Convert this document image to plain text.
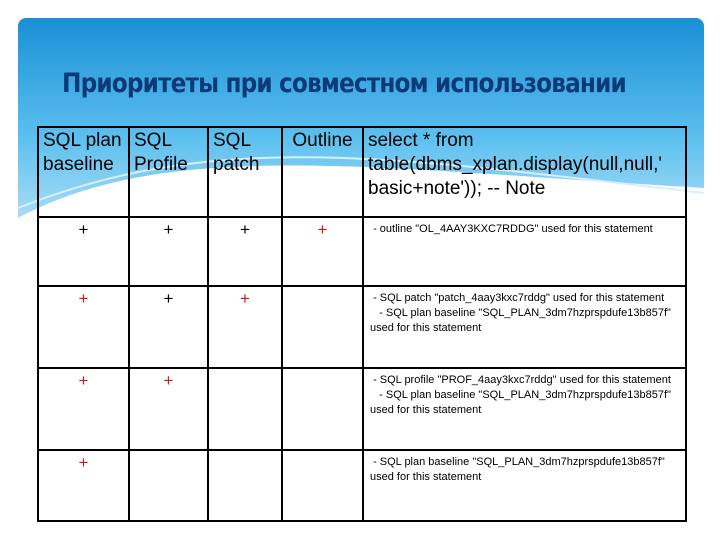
Приоритеты при совместном использовании
SQL plan baseline	SQL Profile	SQL patch	Outline	select * from table(dbms_xplan.display(null,null,' basic+note')); -- Note
+	+	+	+	- outline "OL_4AAY3KXC7RDDG" used for this statement

+	+	+		- SQL patch "patch_4aay3kxc7rddg" used for this statement
- SQL plan baseline "SQL_PLAN_3dm7hzprspdufe13b857f" used for this statement

+	+			- SQL profile "PROF_4aay3kxc7rddg" used for this statement
- SQL plan baseline "SQL_PLAN_3dm7hzprspdufe13b857f" used for this statement

+				- SQL plan baseline "SQL_PLAN_3dm7hzprspdufe13b857f" used for this statement
